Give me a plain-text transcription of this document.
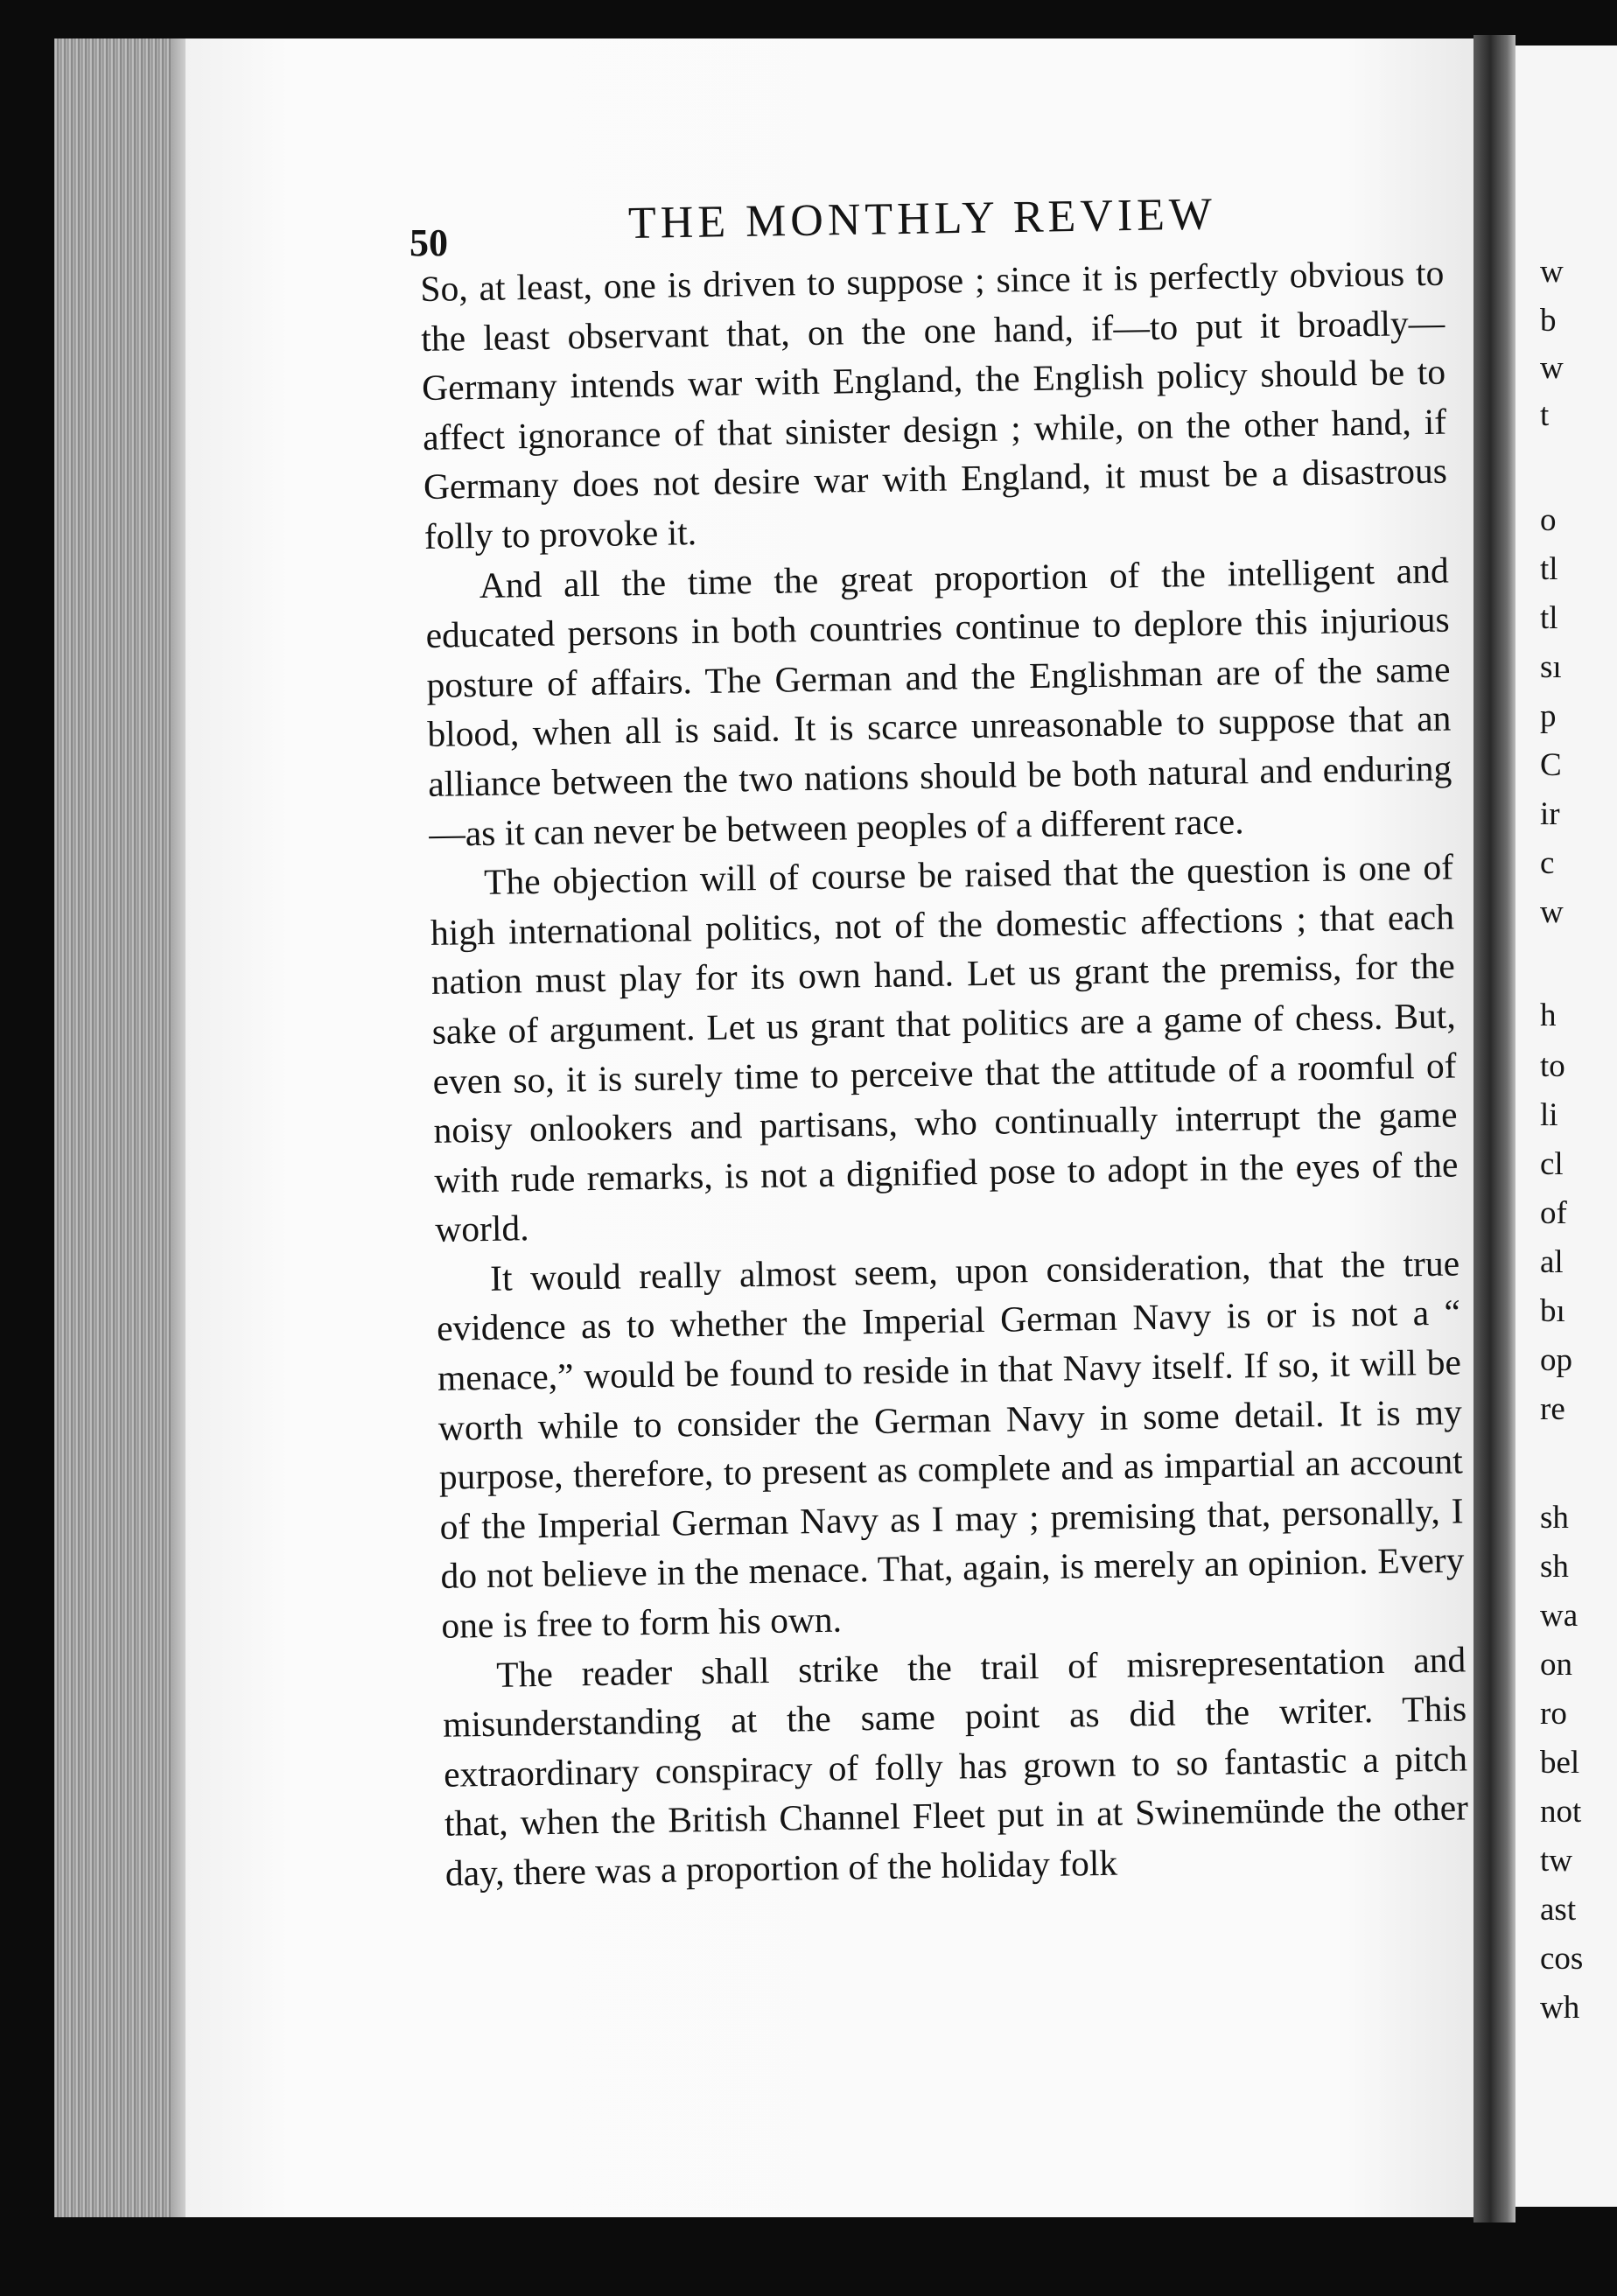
w
b
w
t
o
tl
tl
sı
p
C
ir
c
w
h
to
li
cl
of
al
bı
op
re
sh
sh
wa
on
ro
bel
not
tw
ast
cos
wh
50	THE MONTHLY REVIEW

So, at least, one is driven to suppose ; since it is perfectly obvious to the least observant that, on the one hand, if—to put it broadly—Germany intends war with England, the English policy should be to affect ignorance of that sinister design ; while, on the other hand, if Germany does not desire war with England, it must be a disastrous folly to provoke it.

And all the time the great proportion of the intelligent and educated persons in both countries continue to deplore this injurious posture of affairs. The German and the Englishman are of the same blood, when all is said. It is scarce unreasonable to suppose that an alliance between the two nations should be both natural and enduring—as it can never be between peoples of a different race.

The objection will of course be raised that the question is one of high international politics, not of the domestic affections ; that each nation must play for its own hand. Let us grant the premiss, for the sake of argument. Let us grant that politics are a game of chess. But, even so, it is surely time to perceive that the attitude of a roomful of noisy onlookers and partisans, who continually interrupt the game with rude remarks, is not a dignified pose to adopt in the eyes of the world.

It would really almost seem, upon consideration, that the true evidence as to whether the Imperial German Navy is or is not a “ menace,” would be found to reside in that Navy itself. If so, it will be worth while to consider the German Navy in some detail. It is my purpose, therefore, to present as complete and as impartial an account of the Imperial German Navy as I may ; premising that, personally, I do not believe in the menace. That, again, is merely an opinion. Every one is free to form his own.

The reader shall strike the trail of misrepresentation and misunderstanding at the same point as did the writer. This extraordinary conspiracy of folly has grown to so fantastic a pitch that, when the British Channel Fleet put in at Swinemünde the other day, there was a proportion of the holiday folk
